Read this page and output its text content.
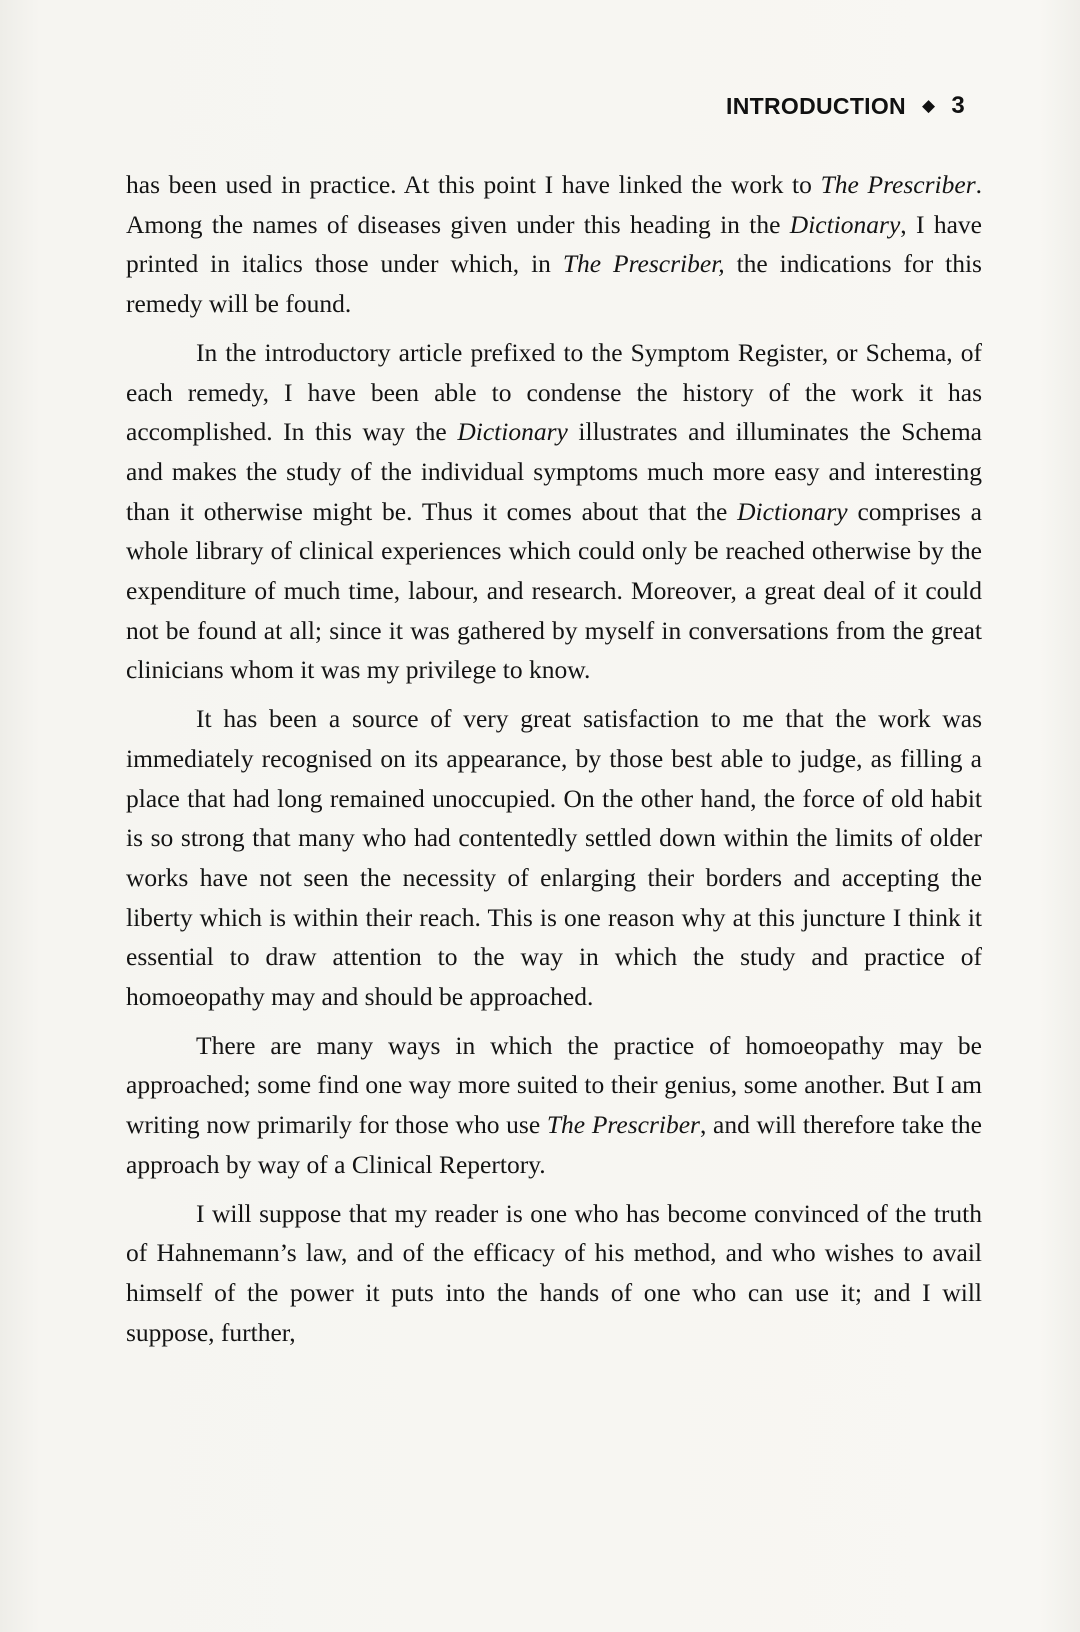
INTRODUCTION ◆ 3

has been used in practice. At this point I have linked the work to The Prescriber. Among the names of diseases given under this heading in the Dictionary, I have printed in italics those under which, in The Prescriber, the indications for this remedy will be found.

In the introductory article prefixed to the Symptom Register, or Schema, of each remedy, I have been able to condense the history of the work it has accomplished. In this way the Dictionary illustrates and illuminates the Schema and makes the study of the individual symptoms much more easy and interesting than it otherwise might be. Thus it comes about that the Dictionary comprises a whole library of clinical experiences which could only be reached otherwise by the expenditure of much time, labour, and research. Moreover, a great deal of it could not be found at all; since it was gathered by myself in conversations from the great clinicians whom it was my privilege to know.

It has been a source of very great satisfaction to me that the work was immediately recognised on its appearance, by those best able to judge, as filling a place that had long remained unoccupied. On the other hand, the force of old habit is so strong that many who had contentedly settled down within the limits of older works have not seen the necessity of enlarging their borders and accepting the liberty which is within their reach. This is one reason why at this juncture I think it essential to draw attention to the way in which the study and practice of homoeopathy may and should be approached.

There are many ways in which the practice of homoeopathy may be approached; some find one way more suited to their genius, some another. But I am writing now primarily for those who use The Prescriber, and will therefore take the approach by way of a Clinical Repertory.

I will suppose that my reader is one who has become convinced of the truth of Hahnemann’s law, and of the efficacy of his method, and who wishes to avail himself of the power it puts into the hands of one who can use it; and I will suppose, further,
